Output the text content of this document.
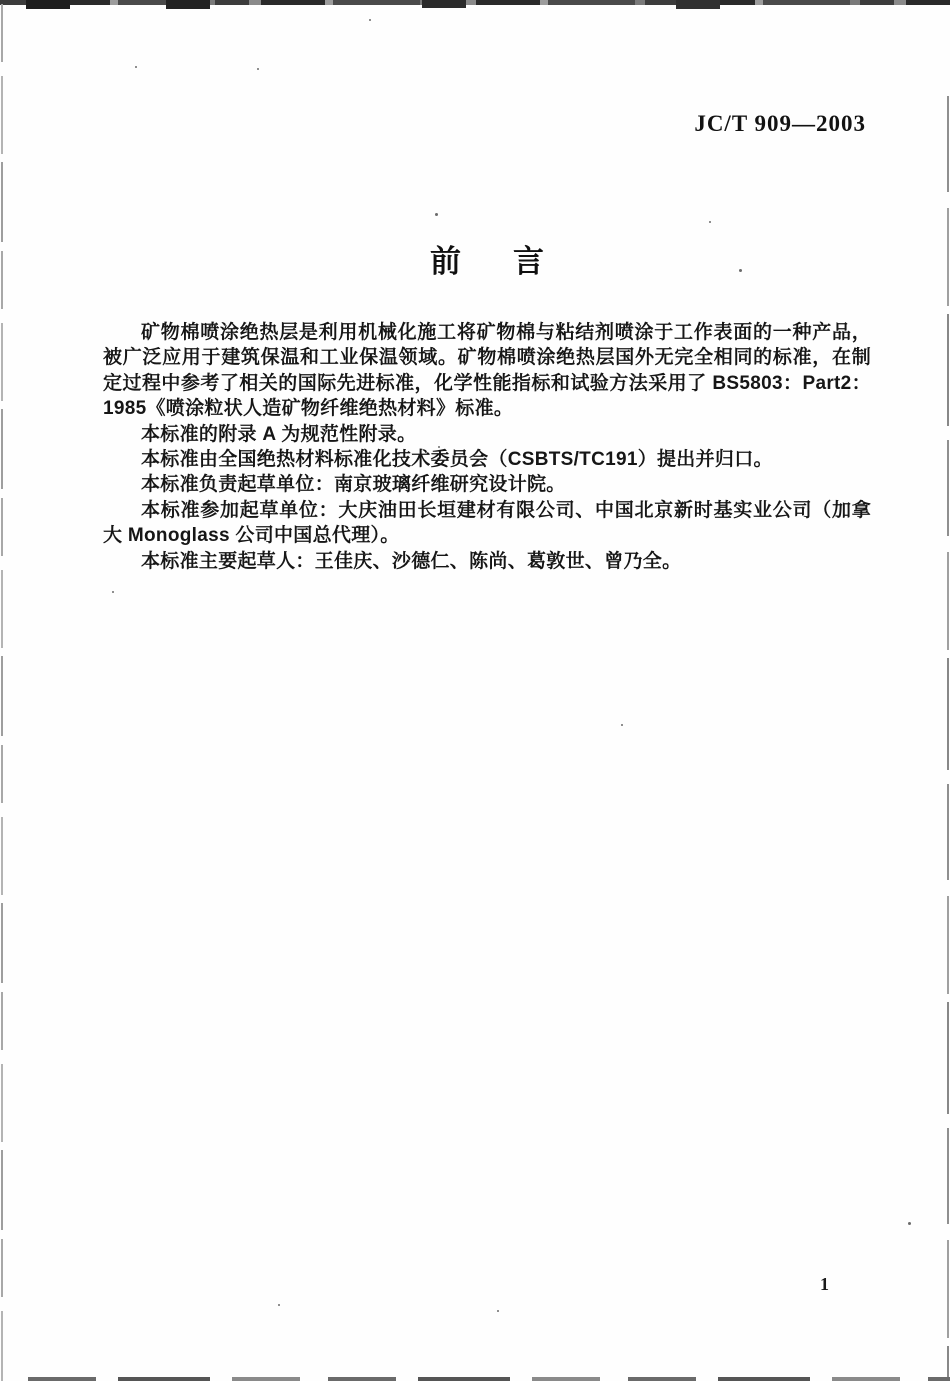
JC/T 909—2003
前 言

矿物棉喷涂绝热层是利用机械化施工将矿物棉与粘结剂喷涂于工作表面的一种产品，被广泛应用于建筑保温和工业保温领域。矿物棉喷涂绝热层国外无完全相同的标准，在制定过程中参考了相关的国际先进标准，化学性能指标和试验方法采用了 BS5803：Part2：1985《喷涂粒状人造矿物纤维绝热材料》标准。

本标准的附录 A 为规范性附录。

本标准由全国绝热材料标准化技术委员会（CSBTS/TC191）提出并归口。

本标准负责起草单位：南京玻璃纤维研究设计院。

本标准参加起草单位：大庆油田长垣建材有限公司、中国北京新时基实业公司（加拿大 Monoglass 公司中国总代理）。

本标准主要起草人：王佳庆、沙德仁、陈尚、葛敦世、曾乃全。

1
